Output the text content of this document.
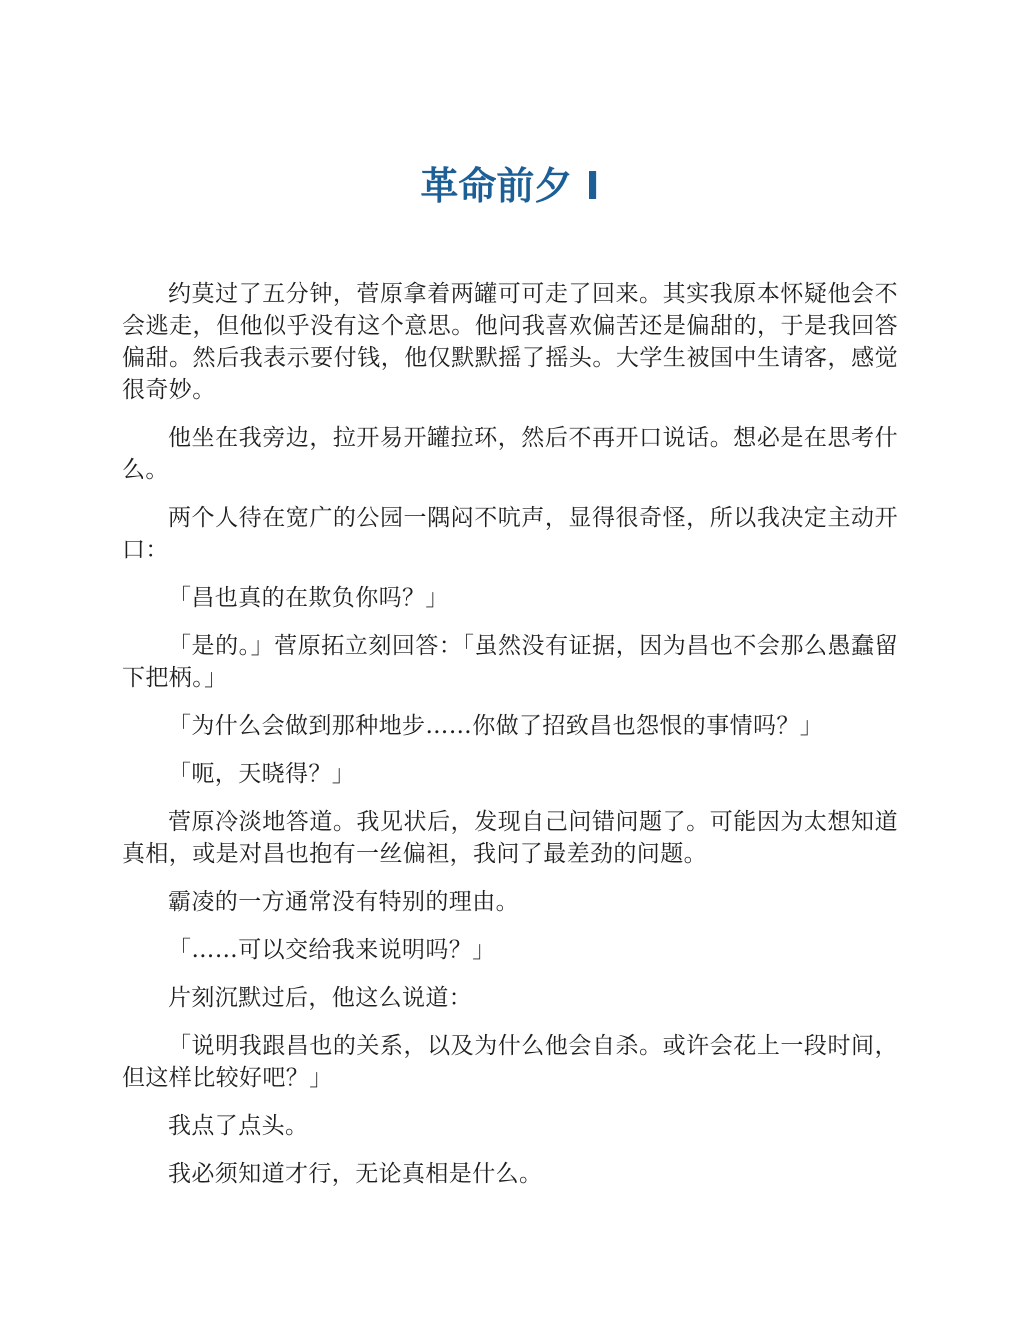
革命前夕 I

约莫过了五分钟，菅原拿着两罐可可走了回来。其实我原本怀疑他会不会逃走，但他似乎没有这个意思。他问我喜欢偏苦还是偏甜的，于是我回答偏甜。然后我表示要付钱，他仅默默摇了摇头。大学生被国中生请客，感觉很奇妙。

他坐在我旁边，拉开易开罐拉环，然后不再开口说话。想必是在思考什么。

两个人待在宽广的公园一隅闷不吭声，显得很奇怪，所以我决定主动开口：

「昌也真的在欺负你吗？」

「是的。」菅原拓立刻回答：「虽然没有证据，因为昌也不会那么愚蠢留下把柄。」

「为什么会做到那种地步……你做了招致昌也怨恨的事情吗？」

「呃，天晓得？」

菅原冷淡地答道。我见状后，发现自己问错问题了。可能因为太想知道真相，或是对昌也抱有一丝偏袒，我问了最差劲的问题。

霸凌的一方通常没有特别的理由。

「……可以交给我来说明吗？」

片刻沉默过后，他这么说道：

「说明我跟昌也的关系，以及为什么他会自杀。或许会花上一段时间，但这样比较好吧？」

我点了点头。

我必须知道才行，无论真相是什么。
